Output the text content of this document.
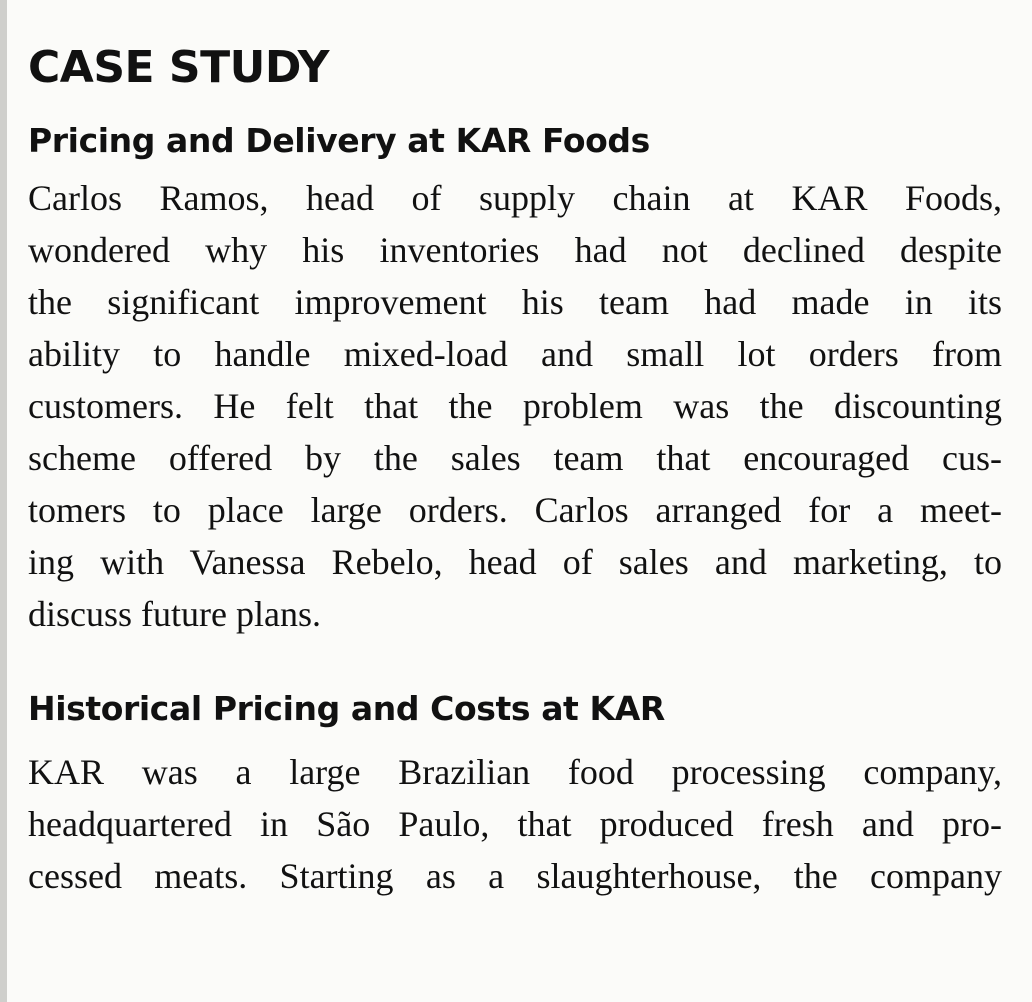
CASE STUDY
Pricing and Delivery at KAR Foods
Carlos Ramos, head of supply chain at KAR Foods,
wondered why his inventories had not declined despite
the significant improvement his team had made in its
ability to handle mixed-load and small lot orders from
customers. He felt that the problem was the discounting
scheme offered by the sales team that encouraged cus-
tomers to place large orders. Carlos arranged for a meet-
ing with Vanessa Rebelo, head of sales and marketing, to
discuss future plans.
Historical Pricing and Costs at KAR
KAR was a large Brazilian food processing company,
headquartered in São Paulo, that produced fresh and pro-
cessed meats. Starting as a slaughterhouse, the company
